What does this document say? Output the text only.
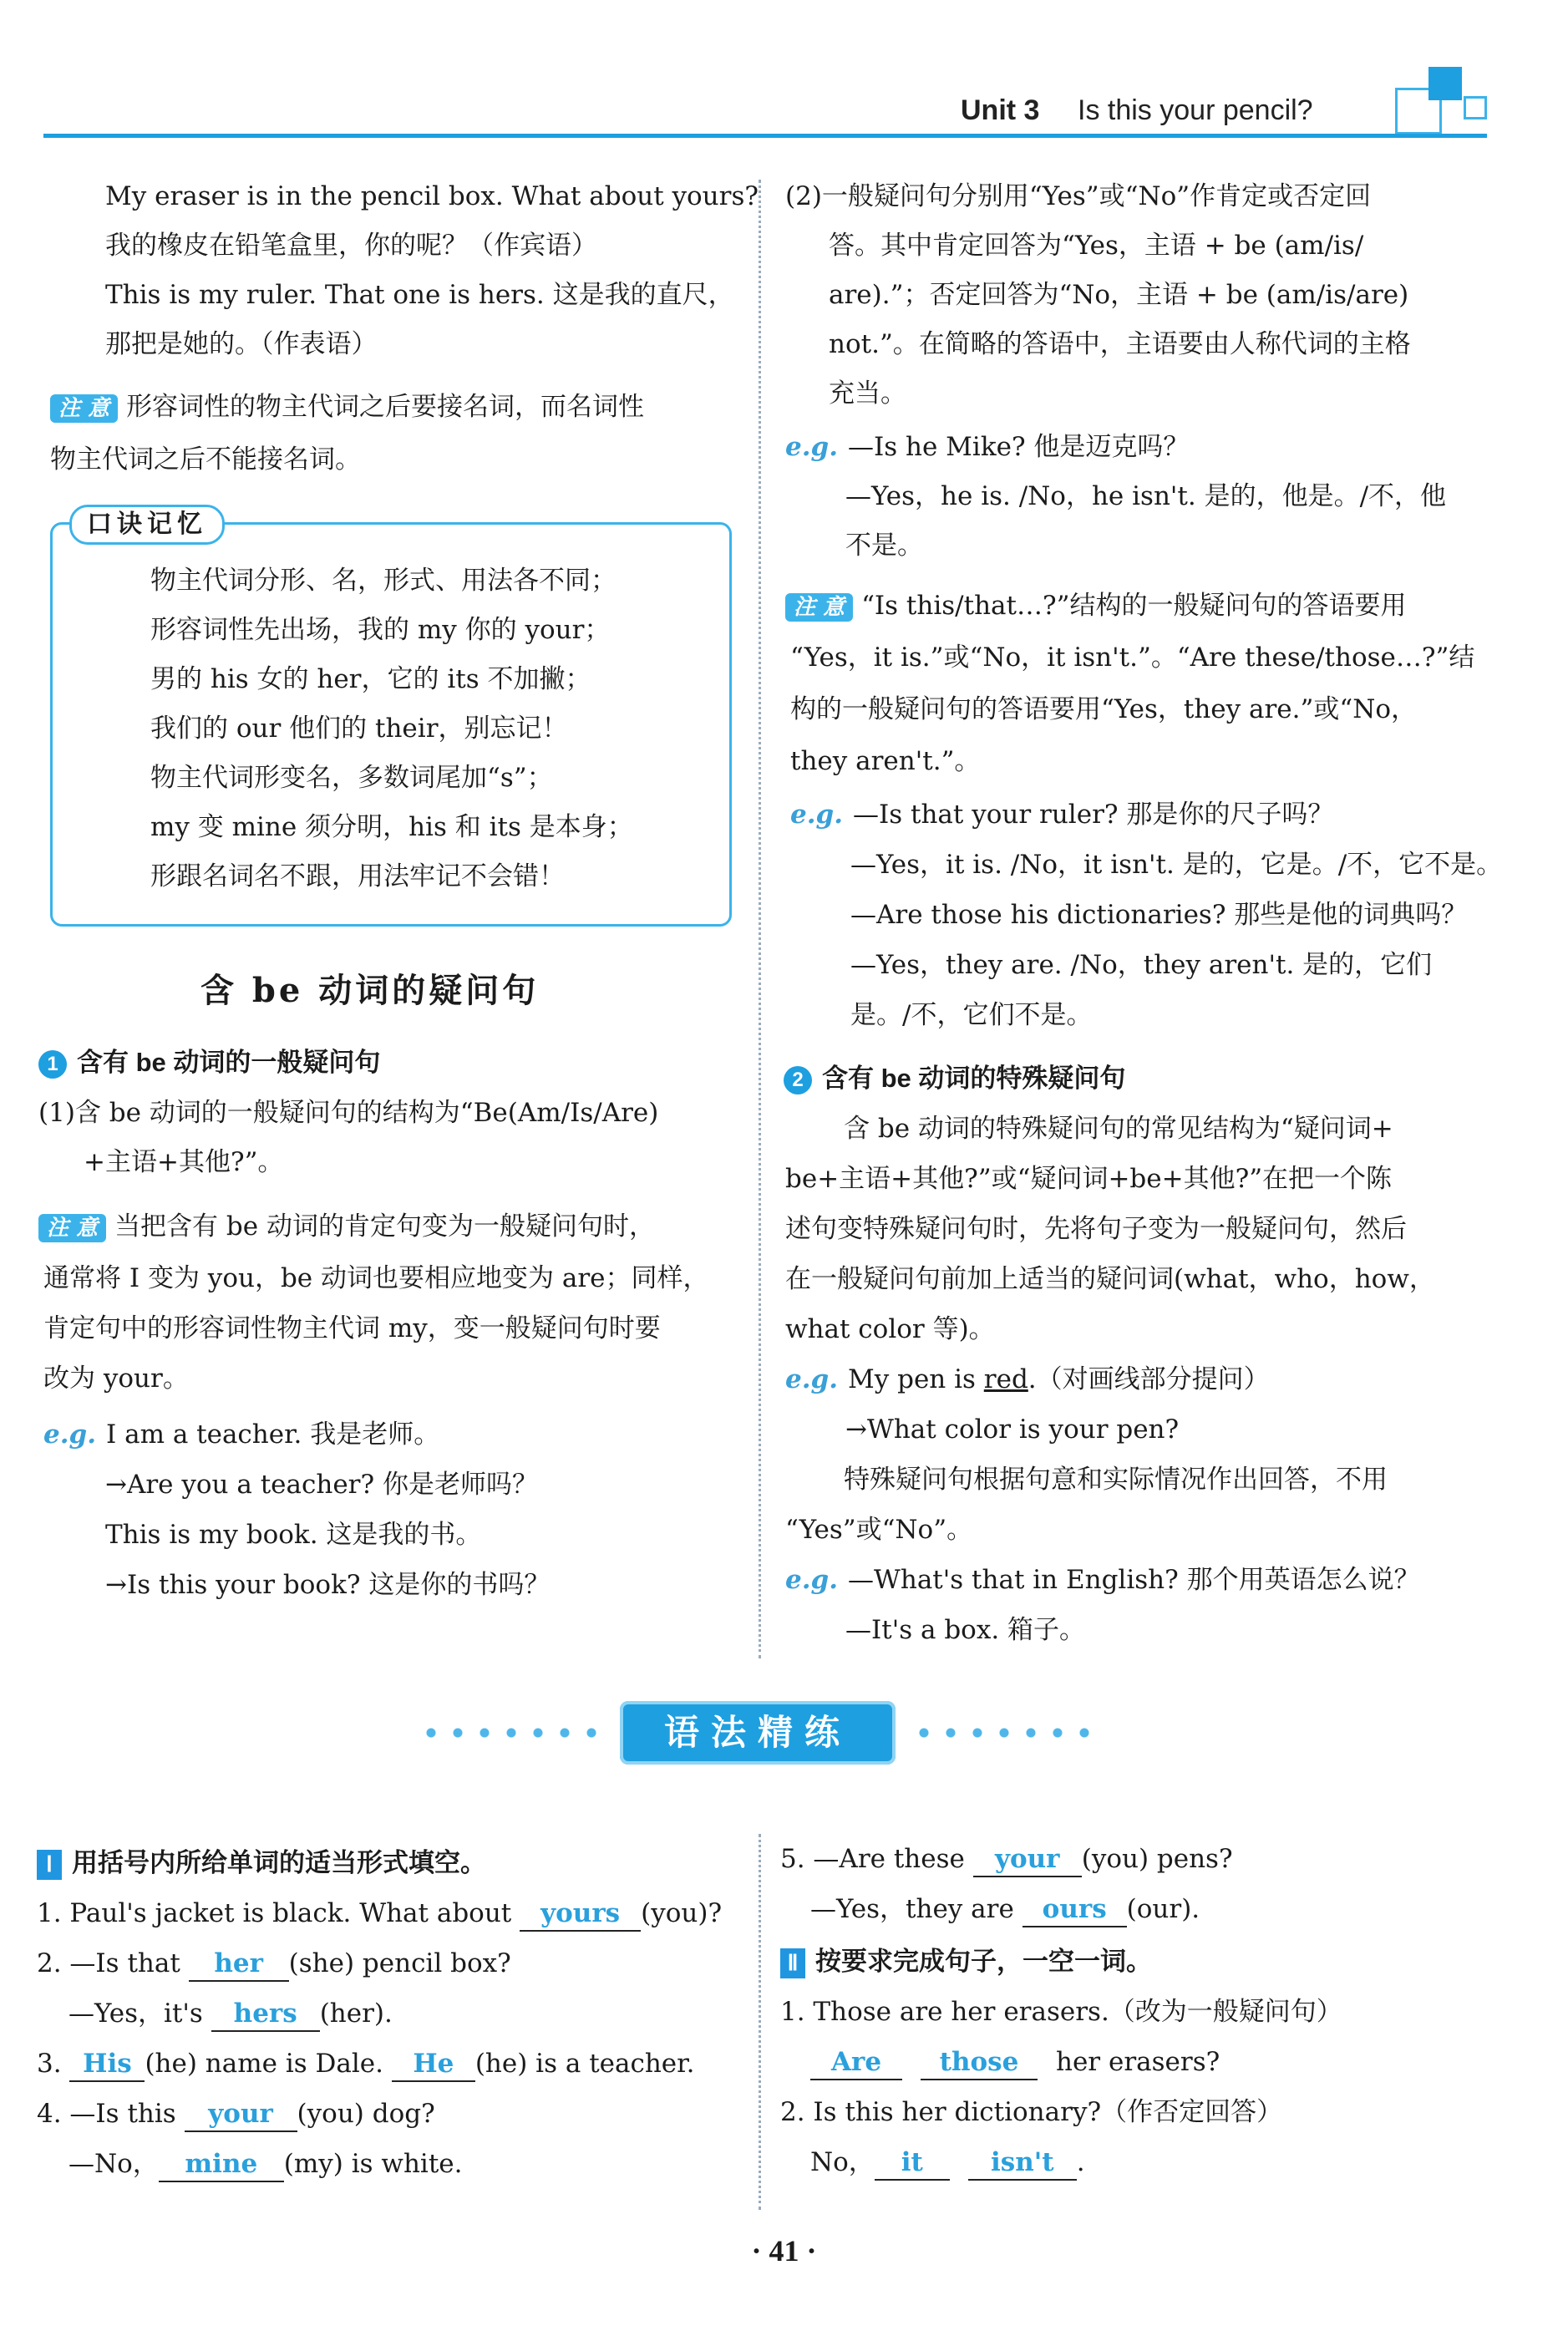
Unit 3 Is this your pencil?
My eraser is in the pencil box. What about yours?
我的橡皮在铅笔盒里，你的呢？（作宾语）
This is my ruler. That one is hers. 这是我的直尺，
那把是她的。（作表语）
注 意 形容词性的物主代词之后要接名词，而名词性
物主代词之后不能接名词。
口诀记忆
物主代词分形、名，形式、用法各不同；
形容词性先出场，我的 my 你的 your；
男的 his 女的 her，它的 its 不加撇；
我们的 our 他们的 their，别忘记！
物主代词形变名，多数词尾加“s”；
my 变 mine 须分明，his 和 its 是本身；
形跟名词名不跟，用法牢记不会错！
含 be 动词的疑问句
1 含有 be 动词的一般疑问句
(1)含 be 动词的一般疑问句的结构为“Be(Am/Is/Are)
+主语+其他?”。
注 意 当把含有 be 动词的肯定句变为一般疑问句时，
通常将 I 变为 you，be 动词也要相应地变为 are；同样，
肯定句中的形容词性物主代词 my，变一般疑问句时要
改为 your。
e.g. I am a teacher. 我是老师。
→Are you a teacher? 你是老师吗？
This is my book. 这是我的书。
→Is this your book? 这是你的书吗？
(2)一般疑问句分别用“Yes”或“No”作肯定或否定回
答。其中肯定回答为“Yes，主语 + be (am/is/
are).”；否定回答为“No，主语 + be (am/is/are)
not.”。在简略的答语中，主语要由人称代词的主格
充当。
e.g. —Is he Mike? 他是迈克吗？
—Yes，he is. /No，he isn't. 是的，他是。/不，他
不是。
注 意 “Is this/that…?”结构的一般疑问句的答语要用
“Yes，it is.”或“No，it isn't.”。“Are these/those…?”结
构的一般疑问句的答语要用“Yes，they are.”或“No，
they aren't.”。
e.g. —Is that your ruler? 那是你的尺子吗？
—Yes，it is. /No，it isn't. 是的，它是。/不，它不是。
—Are those his dictionaries? 那些是他的词典吗？
—Yes，they are. /No，they aren't. 是的，它们
是。/不，它们不是。
2 含有 be 动词的特殊疑问句
含 be 动词的特殊疑问句的常见结构为“疑问词+
be+主语+其他?”或“疑问词+be+其他?”在把一个陈
述句变特殊疑问句时，先将句子变为一般疑问句，然后
在一般疑问句前加上适当的疑问词(what，who，how，
what color 等)。
e.g. My pen is red.（对画线部分提问）
→What color is your pen?
特殊疑问句根据句意和实际情况作出回答，不用
“Yes”或“No”。
e.g. —What's that in English? 那个用英语怎么说？
—It's a box. 箱子。
语法精练
Ⅰ 用括号内所给单词的适当形式填空。
1. Paul's jacket is black. What about yours (you)?
2. —Is that her (she) pencil box?
—Yes，it's hers (her).
3. His (he) name is Dale. He (he) is a teacher.
4. —Is this your (you) dog?
—No， mine (my) is white.
5. —Are these your (you) pens?
—Yes，they are ours (our).
Ⅱ 按要求完成句子，一空一词。
1. Those are her erasers.（改为一般疑问句）
Are those her erasers?
2. Is this her dictionary?（作否定回答）
No， it	isn't .
· 41 ·
